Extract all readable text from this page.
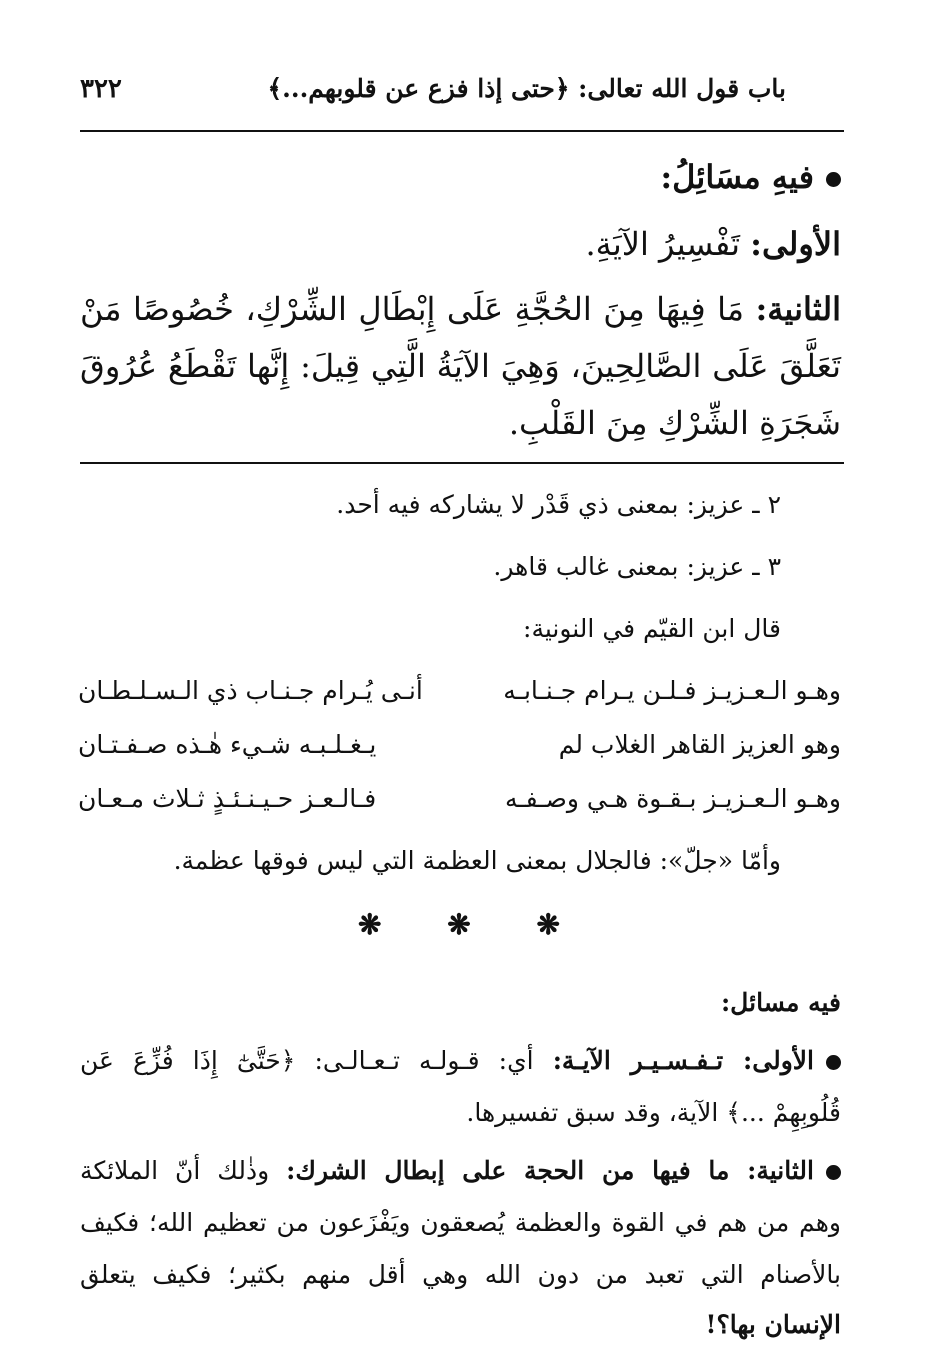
٣٢٢	باب قول الله تعالى: ﴿حتى إذا فزع عن قلوبهم...﴾
فيهِ مسَائِلُ:
الأولى: تَفْسِيرُ الآيَةِ.
الثانية: مَا فِيهَا مِنَ الحُجَّةِ عَلَى إِبْطَالِ الشِّرْكِ، خُصُوصًا مَنْ
تَعَلَّقَ عَلَى الصَّالِحِينَ، وَهِيَ الآيَةُ الَّتِي قِيلَ: إِنَّها تَقْطَعُ عُرُوقَ
شَجَرَةِ الشِّرْكِ مِنَ القَلْبِ.
٢ ـ عزيز: بمعنى ذي قَدْر لا يشاركه فيه أحد.
٣ ـ عزيز: بمعنى غالب قاهر.
قال ابن القيّم في النونية:
وهـو الـعـزيـز فـلـن يـرام جـنـابـه
أنـى يُـرام جـنـاب ذي الـسـلـطـان
وهو العزيز القاهر الغلاب لم
يـغـلـبـه شـيء هٰـذه صـفـتـان
وهـو الـعـزيـز بـقـوة هـي وصـفـه
فـالـعـز حـيـنـئـذٍ ثـلاث مـعـان
وأمّا «جلّ»: فالجلال بمعنى العظمة التي ليس فوقها عظمة.
❋ ❋ ❋
فيه مسائل:
الأولى: تـفـسـيـر الآيـة: أي: قـولـه تـعـالـى: ﴿حَتَّىٰٓ إِذَا فُزِّعَ عَن
قُلُوبِهِمْ ...﴾ الآية، وقد سبق تفسيرها.
الثانية: ما فيها من الحجة على إبطال الشرك: وذٰلك أنّ الملائكة
وهم من هم في القوة والعظمة يُصعقون ويَفْزَعون من تعظيم الله؛ فكيف
بالأصنام التي تعبد من دون الله وهي أقل منهم بكثير؛ فكيف يتعلق
الإنسان بها؟!
